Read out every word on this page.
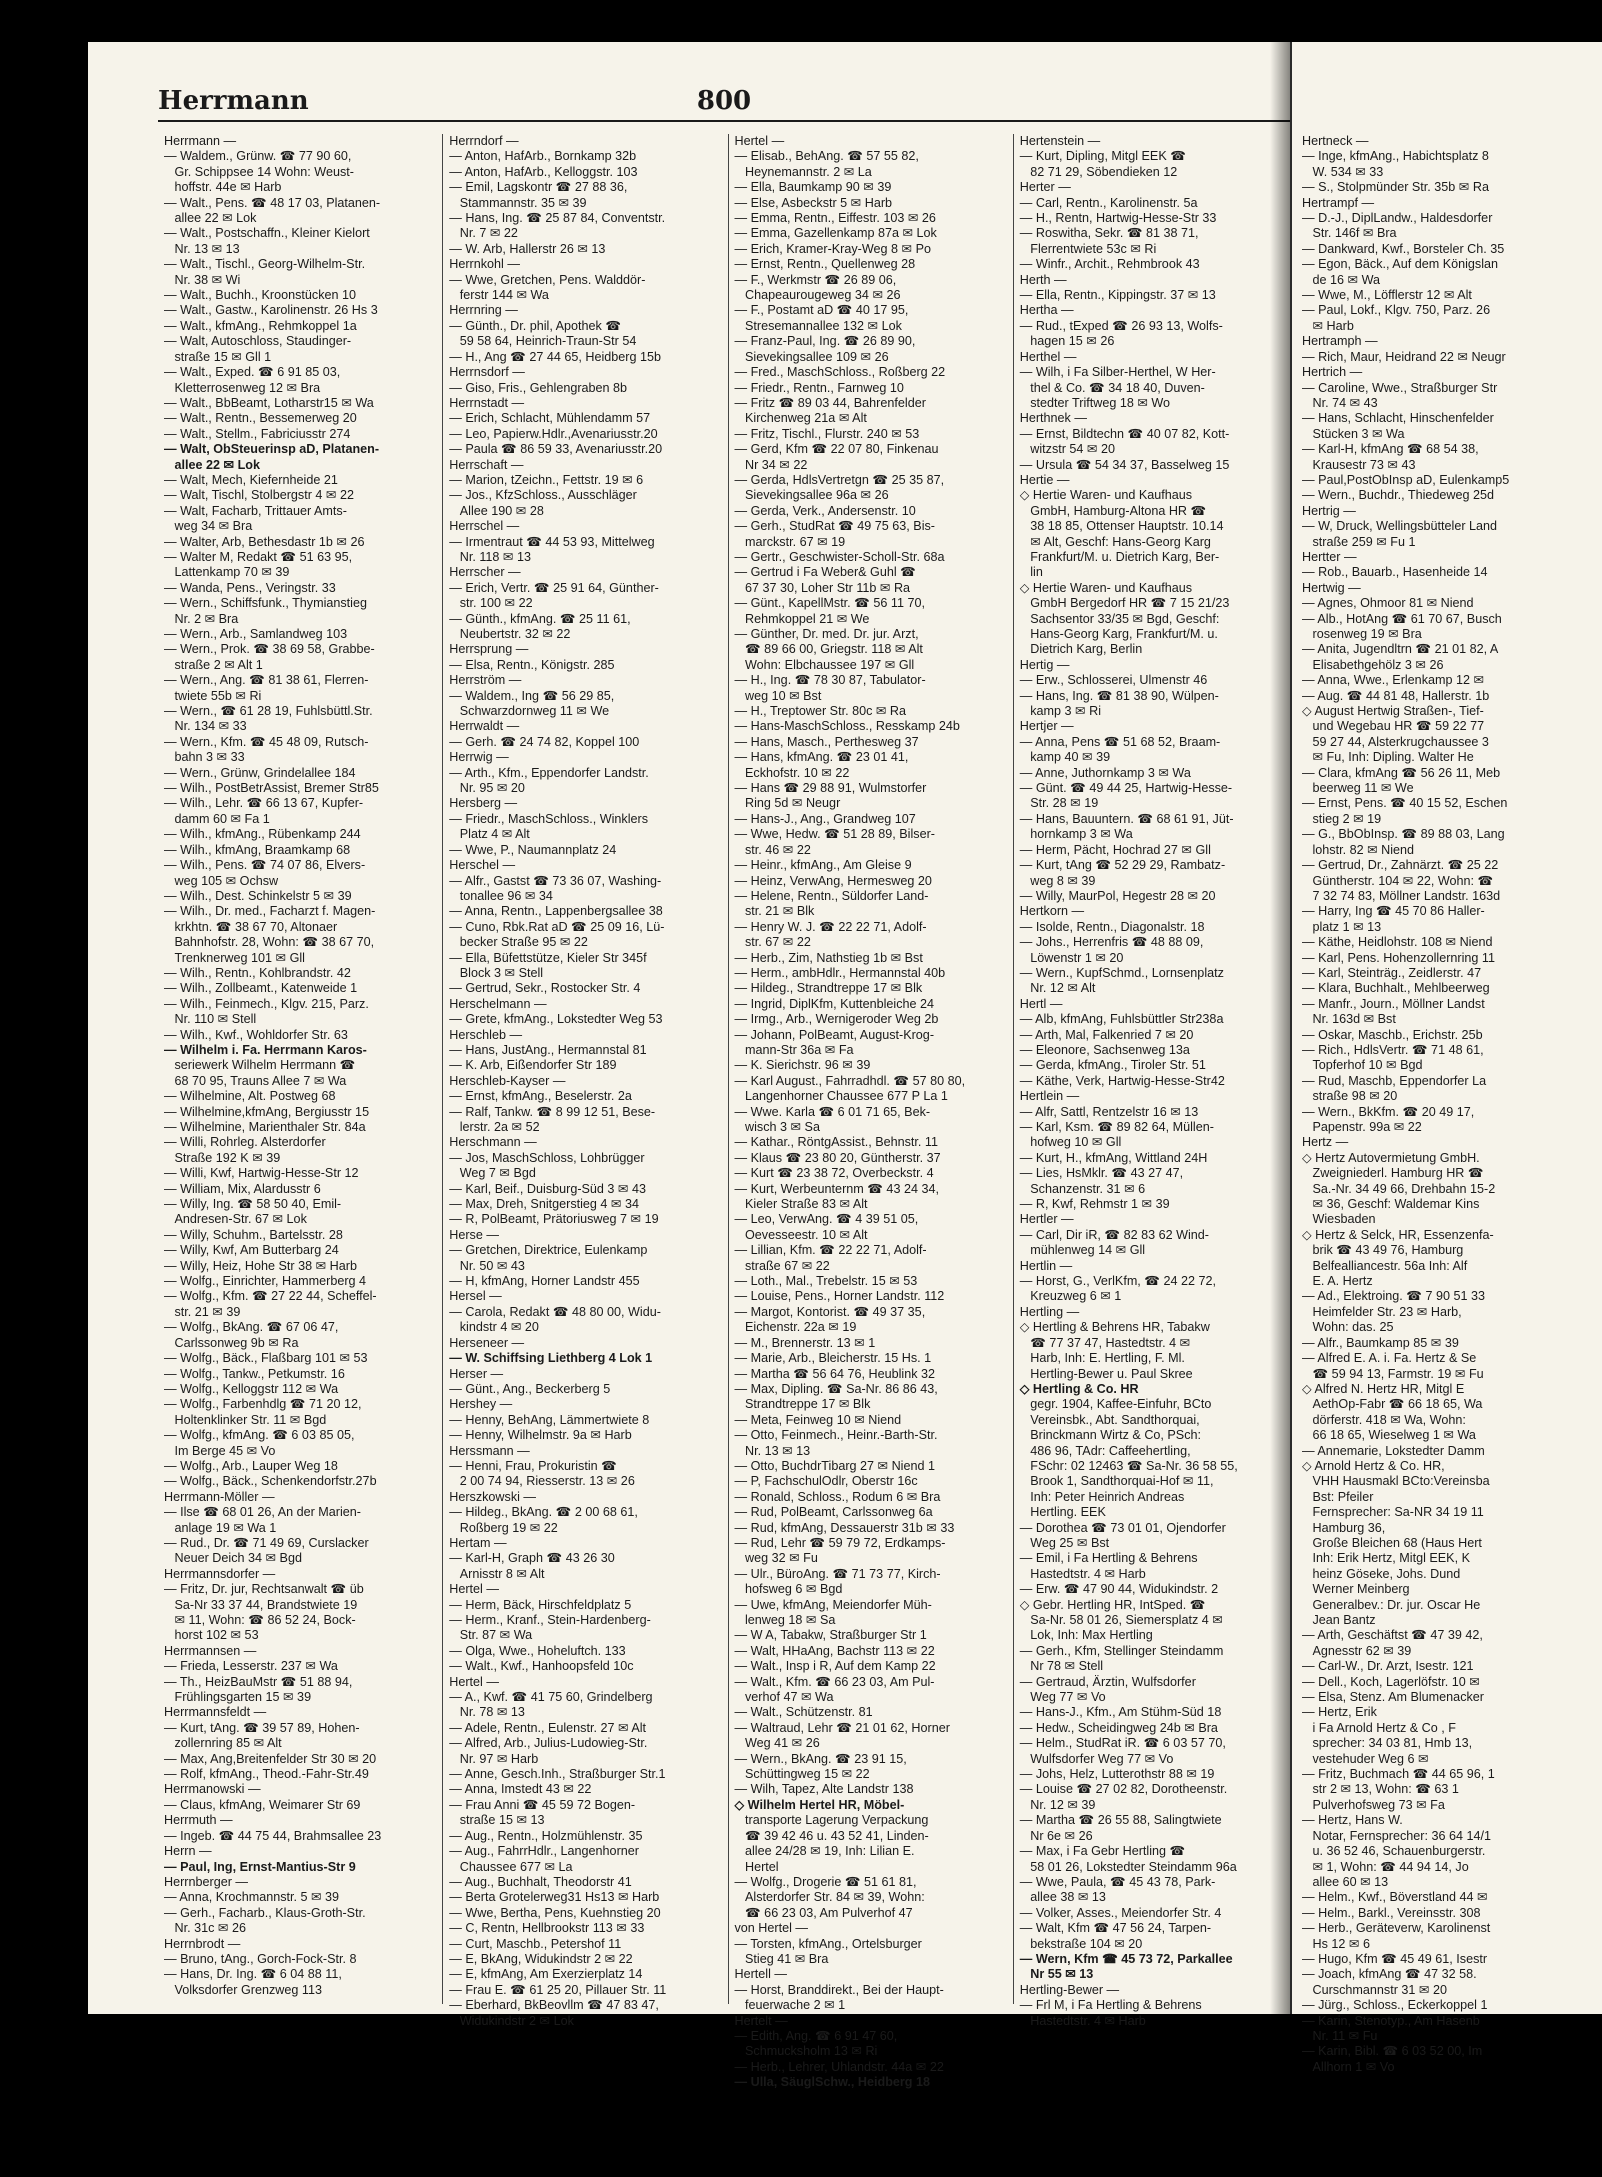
Herrmann	800

Herrmann —

— Waldem., Grünw. ☎ 77 90 60,

Gr. Schippsee 14 Wohn: Weust-

hoffstr. 44e ✉ Harb

— Walt., Pens. ☎ 48 17 03, Platanen-

allee 22 ✉ Lok

— Walt., Postschaffn., Kleiner Kielort

Nr. 13 ✉ 13

— Walt., Tischl., Georg-Wilhelm-Str.

Nr. 38 ✉ Wi

— Walt., Buchh., Kroonstücken 10

— Walt., Gastw., Karolinenstr. 26 Hs 3

— Walt., kfmAng., Rehmkoppel 1a

— Walt, Autoschloss, Staudinger-

straße 15 ✉ Gll 1

— Walt., Exped. ☎ 6 91 85 03,

Kletterrosenweg 12 ✉ Bra

— Walt., BbBeamt, Lotharstr15 ✉ Wa

— Walt., Rentn., Bessemerweg 20

— Walt., Stellm., Fabriciusstr 274

— Walt, ObSteuerinsp aD, Platanen-

allee 22 ✉ Lok

— Walt, Mech, Kiefernheide 21

— Walt, Tischl, Stolbergstr 4 ✉ 22

— Walt, Facharb, Trittauer Amts-

weg 34 ✉ Bra

— Walter, Arb, Bethesdastr 1b ✉ 26

— Walter M, Redakt ☎ 51 63 95,

Lattenkamp 70 ✉ 39

— Wanda, Pens., Veringstr. 33

— Wern., Schiffsfunk., Thymianstieg

Nr. 2 ✉ Bra

— Wern., Arb., Samlandweg 103

— Wern., Prok. ☎ 38 69 58, Grabbe-

straße 2 ✉ Alt 1

— Wern., Ang. ☎ 81 38 61, Flerren-

twiete 55b ✉ Ri

— Wern., ☎ 61 28 19, Fuhlsbüttl.Str.

Nr. 134 ✉ 33

— Wern., Kfm. ☎ 45 48 09, Rutsch-

bahn 3 ✉ 33

— Wern., Grünw, Grindelallee 184

— Wilh., PostBetrAssist, Bremer Str85

— Wilh., Lehr. ☎ 66 13 67, Kupfer-

damm 60 ✉ Fa 1

— Wilh., kfmAng., Rübenkamp 244

— Wilh., kfmAng, Braamkamp 68

— Wilh., Pens. ☎ 74 07 86, Elvers-

weg 105 ✉ Ochsw

— Wilh., Dest. Schinkelstr 5 ✉ 39

— Wilh., Dr. med., Facharzt f. Magen-

krkhtn. ☎ 38 67 70, Altonaer

Bahnhofstr. 28, Wohn: ☎ 38 67 70,

Trenknerweg 101 ✉ Gll

— Wilh., Rentn., Kohlbrandstr. 42

— Wilh., Zollbeamt., Katenweide 1

— Wilh., Feinmech., Klgv. 215, Parz.

Nr. 110 ✉ Stell

— Wilh., Kwf., Wohldorfer Str. 63

— Wilhelm i. Fa. Herrmann Karos-

seriewerk Wilhelm Herrmann ☎

68 70 95, Trauns Allee 7 ✉ Wa

— Wilhelmine, Alt. Postweg 68

— Wilhelmine,kfmAng, Bergiusstr 15

— Wilhelmine, Marienthaler Str. 84a

— Willi, Rohrleg. Alsterdorfer

Straße 192 K ✉ 39

— Willi, Kwf, Hartwig-Hesse-Str 12

— William, Mix, Alardusstr 6

— Willy, Ing. ☎ 58 50 40, Emil-

Andresen-Str. 67 ✉ Lok

— Willy, Schuhm., Bartelsstr. 28

— Willy, Kwf, Am Butterbarg 24

— Willy, Heiz, Hohe Str 38 ✉ Harb

— Wolfg., Einrichter, Hammerberg 4

— Wolfg., Kfm. ☎ 27 22 44, Scheffel-

str. 21 ✉ 39

— Wolfg., BkAng. ☎ 67 06 47,

Carlssonweg 9b ✉ Ra

— Wolfg., Bäck., Flaßbarg 101 ✉ 53

— Wolfg., Tankw., Petkumstr. 16

— Wolfg., Kelloggstr 112 ✉ Wa

— Wolfg., Farbenhdlg ☎ 71 20 12,

Holtenklinker Str. 11 ✉ Bgd

— Wolfg., kfmAng. ☎ 6 03 85 05,

Im Berge 45 ✉ Vo

— Wolfg., Arb., Lauper Weg 18

— Wolfg., Bäck., Schenkendorfstr.27b

Herrmann-Möller —

— Ilse ☎ 68 01 26, An der Marien-

anlage 19 ✉ Wa 1

— Rud., Dr. ☎ 71 49 69, Curslacker

Neuer Deich 34 ✉ Bgd

Herrmannsdorfer —

— Fritz, Dr. jur, Rechtsanwalt ☎ üb

Sa-Nr 33 37 44, Brandstwiete 19

✉ 11, Wohn: ☎ 86 52 24, Bock-

horst 102 ✉ 53

Herrmannsen —

— Frieda, Lesserstr. 237 ✉ Wa

— Th., HeizBauMstr ☎ 51 88 94,

Frühlingsgarten 15 ✉ 39

Herrmannsfeldt —

— Kurt, tAng. ☎ 39 57 89, Hohen-

zollernring 85 ✉ Alt

— Max, Ang,Breitenfelder Str 30 ✉ 20

— Rolf, kfmAng., Theod.-Fahr-Str.49

Herrmanowski —

— Claus, kfmAng, Weimarer Str 69

Herrmuth —

— Ingeb. ☎ 44 75 44, Brahmsallee 23

Herrn —

— Paul, Ing, Ernst-Mantius-Str 9

Herrnberger —

— Anna, Krochmannstr. 5 ✉ 39

— Gerh., Facharb., Klaus-Groth-Str.

Nr. 31c ✉ 26

Herrnbrodt —

— Bruno, tAng., Gorch-Fock-Str. 8

— Hans, Dr. Ing. ☎ 6 04 88 11,

Volksdorfer Grenzweg 113

Herrndorf —

— Anton, HafArb., Bornkamp 32b

— Anton, HafArb., Kelloggstr. 103

— Emil, Lagskontr ☎ 27 88 36,

Stammannstr. 35 ✉ 39

— Hans, Ing. ☎ 25 87 84, Conventstr.

Nr. 7 ✉ 22

— W. Arb, Hallerstr 26 ✉ 13

Herrnkohl —

— Wwe, Gretchen, Pens. Walddör-

ferstr 144 ✉ Wa

Herrnring —

— Günth., Dr. phil, Apothek ☎

59 58 64, Heinrich-Traun-Str 54

— H., Ang ☎ 27 44 65, Heidberg 15b

Herrnsdorf —

— Giso, Fris., Gehlengraben 8b

Herrnstadt —

— Erich, Schlacht, Mühlendamm 57

— Leo, Papierw.Hdlr.,Avenariusstr.20

— Paula ☎ 86 59 33, Avenariusstr.20

Herrschaft —

— Marion, tZeichn., Fettstr. 19 ✉ 6

— Jos., KfzSchloss., Ausschläger

Allee 190 ✉ 28

Herrschel —

— Irmentraut ☎ 44 53 93, Mittelweg

Nr. 118 ✉ 13

Herrscher —

— Erich, Vertr. ☎ 25 91 64, Günther-

str. 100 ✉ 22

— Günth., kfmAng. ☎ 25 11 61,

Neubertstr. 32 ✉ 22

Herrsprung —

— Elsa, Rentn., Königstr. 285

Herrström —

— Waldem., Ing ☎ 56 29 85,

Schwarzdornweg 11 ✉ We

Herrwaldt —

— Gerh. ☎ 24 74 82, Koppel 100

Herrwig —

— Arth., Kfm., Eppendorfer Landstr.

Nr. 95 ✉ 20

Hersberg —

— Friedr., MaschSchloss., Winklers

Platz 4 ✉ Alt

— Wwe, P., Naumannplatz 24

Herschel —

— Alfr., Gastst ☎ 73 36 07, Washing-

tonallee 96 ✉ 34

— Anna, Rentn., Lappenbergsallee 38

— Cuno, Rbk.Rat aD ☎ 25 09 16, Lü-

becker Straße 95 ✉ 22

— Ella, Büfettstütze, Kieler Str 345f

Block 3 ✉ Stell

— Gertrud, Sekr., Rostocker Str. 4

Herschelmann —

— Grete, kfmAng., Lokstedter Weg 53

Herschleb —

— Hans, JustAng., Hermannstal 81

— K. Arb, Eißendorfer Str 189

Herschleb-Kayser —

— Ernst, kfmAng., Beselerstr. 2a

— Ralf, Tankw. ☎ 8 99 12 51, Bese-

lerstr. 2a ✉ 52

Herschmann —

— Jos, MaschSchloss, Lohbrügger

Weg 7 ✉ Bgd

— Karl, Beif., Duisburg-Süd 3 ✉ 43

— Max, Dreh, Snitgerstieg 4 ✉ 34

— R, PolBeamt, Prätoriusweg 7 ✉ 19

Herse —

— Gretchen, Direktrice, Eulenkamp

Nr. 50 ✉ 43

— H, kfmAng, Horner Landstr 455

Hersel —

— Carola, Redakt ☎ 48 80 00, Widu-

kindstr 4 ✉ 20

Herseneer —

— W. Schiffsing Liethberg 4 Lok 1

Herser —

— Günt., Ang., Beckerberg 5

Hershey —

— Henny, BehAng, Lämmertwiete 8

— Henny, Wilhelmstr. 9a ✉ Harb

Herssmann —

— Henni, Frau, Prokuristin ☎

2 00 74 94, Riesserstr. 13 ✉ 26

Herszkowski —

— Hildeg., BkAng. ☎ 2 00 68 61,

Roßberg 19 ✉ 22

Hertam —

— Karl-H, Graph ☎ 43 26 30

Arnisstr 8 ✉ Alt

Hertel —

— Herm, Bäck, Hirschfeldplatz 5

— Herm., Kranf., Stein-Hardenberg-

Str. 87 ✉ Wa

— Olga, Wwe., Hoheluftch. 133

— Walt., Kwf., Hanhoopsfeld 10c

Hertel —

— A., Kwf. ☎ 41 75 60, Grindelberg

Nr. 78 ✉ 13

— Adele, Rentn., Eulenstr. 27 ✉ Alt

— Alfred, Arb., Julius-Ludowieg-Str.

Nr. 97 ✉ Harb

— Anne, Gesch.Inh., Straßburger Str.1

— Anna, Imstedt 43 ✉ 22

— Frau Anni ☎ 45 59 72 Bogen-

straße 15 ✉ 13

— Aug., Rentn., Holzmühlenstr. 35

— Aug., FahrrHdlr., Langenhorner

Chaussee 677 ✉ La

— Aug., Buchhalt, Theodorstr 41

— Berta Grotelerweg31 Hs13 ✉ Harb

— Wwe, Bertha, Pens, Kuehnstieg 20

— C, Rentn, Hellbrookstr 113 ✉ 33

— Curt, Maschb., Petershof 11

— E, BkAng, Widukindstr 2 ✉ 22

— E, kfmAng, Am Exerzierplatz 14

— Frau E. ☎ 61 25 20, Pillauer Str. 11

— Eberhard, BkBeovllm ☎ 47 83 47,

Widukindstr 2 ✉ Lok

Hertel —

— Elisab., BehAng. ☎ 57 55 82,

Heynemannstr. 2 ✉ La

— Ella, Baumkamp 90 ✉ 39

— Else, Asbeckstr 5 ✉ Harb

— Emma, Rentn., Eiffestr. 103 ✉ 26

— Emma, Gazellenkamp 87a ✉ Lok

— Erich, Kramer-Kray-Weg 8 ✉ Po

— Ernst, Rentn., Quellenweg 28

— F., Werkmstr ☎ 26 89 06,

Chapeaurougeweg 34 ✉ 26

— F., Postamt aD ☎ 40 17 95,

Stresemannallee 132 ✉ Lok

— Franz-Paul, Ing. ☎ 26 89 90,

Sievekingsallee 109 ✉ 26

— Fred., MaschSchloss., Roßberg 22

— Friedr., Rentn., Farnweg 10

— Fritz ☎ 89 03 44, Bahrenfelder

Kirchenweg 21a ✉ Alt

— Fritz, Tischl., Flurstr. 240 ✉ 53

— Gerd, Kfm ☎ 22 07 80, Finkenau

Nr 34 ✉ 22

— Gerda, HdlsVertretgn ☎ 25 35 87,

Sievekingsallee 96a ✉ 26

— Gerda, Verk., Andersenstr. 10

— Gerh., StudRat ☎ 49 75 63, Bis-

marckstr. 67 ✉ 19

— Gertr., Geschwister-Scholl-Str. 68a

— Gertrud i Fa Weber& Guhl ☎

67 37 30, Loher Str 11b ✉ Ra

— Günt., KapellMstr. ☎ 56 11 70,

Rehmkoppel 21 ✉ We

— Günther, Dr. med. Dr. jur. Arzt,

☎ 89 66 00, Griegstr. 118 ✉ Alt

Wohn: Elbchaussee 197 ✉ Gll

— H., Ing. ☎ 78 30 87, Tabulator-

weg 10 ✉ Bst

— H., Treptower Str. 80c ✉ Ra

— Hans-MaschSchloss., Resskamp 24b

— Hans, Masch., Perthesweg 37

— Hans, kfmAng. ☎ 23 01 41,

Eckhofstr. 10 ✉ 22

— Hans ☎ 29 88 91, Wulmstorfer

Ring 5d ✉ Neugr

— Hans-J., Ang., Grandweg 107

— Wwe, Hedw. ☎ 51 28 89, Bilser-

str. 46 ✉ 22

— Heinr., kfmAng., Am Gleise 9

— Heinz, VerwAng, Hermesweg 20

— Helene, Rentn., Süldorfer Land-

str. 21 ✉ Blk

— Henry W. J. ☎ 22 22 71, Adolf-

str. 67 ✉ 22

— Herb., Zim, Nathstieg 1b ✉ Bst

— Herm., ambHdlr., Hermannstal 40b

— Hildeg., Strandtreppe 17 ✉ Blk

— Ingrid, DiplKfm, Kuttenbleiche 24

— Irmg., Arb., Wernigeroder Weg 2b

— Johann, PolBeamt, August-Krog-

mann-Str 36a ✉ Fa

— K. Sierichstr. 96 ✉ 39

— Karl August., Fahrradhdl. ☎ 57 80 80,

Langenhorner Chaussee 677 P La 1

— Wwe. Karla ☎ 6 01 71 65, Bek-

wisch 3 ✉ Sa

— Kathar., RöntgAssist., Behnstr. 11

— Klaus ☎ 23 80 20, Güntherstr. 37

— Kurt ☎ 23 38 72, Overbeckstr. 4

— Kurt, Werbeunternm ☎ 43 24 34,

Kieler Straße 83 ✉ Alt

— Leo, VerwAng. ☎ 4 39 51 05,

Oevesseestr. 10 ✉ Alt

— Lillian, Kfm. ☎ 22 22 71, Adolf-

straße 67 ✉ 22

— Loth., Mal., Trebelstr. 15 ✉ 53

— Louise, Pens., Horner Landstr. 112

— Margot, Kontorist. ☎ 49 37 35,

Eichenstr. 22a ✉ 19

— M., Brennerstr. 13 ✉ 1

— Marie, Arb., Bleicherstr. 15 Hs. 1

— Martha ☎ 56 64 76, Heublink 32

— Max, Dipling. ☎ Sa-Nr. 86 86 43,

Strandtreppe 17 ✉ Blk

— Meta, Feinweg 10 ✉ Niend

— Otto, Feinmech., Heinr.-Barth-Str.

Nr. 13 ✉ 13

— Otto, BuchdrTibarg 27 ✉ Niend 1

— P, FachschulOdlr, Oberstr 16c

— Ronald, Schloss., Rodum 6 ✉ Bra

— Rud, PolBeamt, Carlssonweg 6a

— Rud, kfmAng, Dessauerstr 31b ✉ 33

— Rud, Lehr ☎ 59 79 72, Erdkamps-

weg 32 ✉ Fu

— Ulr., BüroAng. ☎ 71 73 77, Kirch-

hofsweg 6 ✉ Bgd

— Uwe, kfmAng, Meiendorfer Müh-

lenweg 18 ✉ Sa

— W A, Tabakw, Straßburger Str 1

— Walt, HHaAng, Bachstr 113 ✉ 22

— Walt., Insp i R, Auf dem Kamp 22

— Walt., Kfm. ☎ 66 23 03, Am Pul-

verhof 47 ✉ Wa

— Walt., Schützenstr. 81

— Waltraud, Lehr ☎ 21 01 62, Horner

Weg 41 ✉ 26

— Wern., BkAng. ☎ 23 91 15,

Schüttingweg 15 ✉ 22

— Wilh, Tapez, Alte Landstr 138

◇ Wilhelm Hertel HR, Möbel-

transporte Lagerung Verpackung

☎ 39 42 46 u. 43 52 41, Linden-

allee 24/28 ✉ 19, Inh: Lilian E.

Hertel

— Wolfg., Drogerie ☎ 51 61 81,

Alsterdorfer Str. 84 ✉ 39, Wohn:

☎ 66 23 03, Am Pulverhof 47

von Hertel —

— Torsten, kfmAng., Ortelsburger

Stieg 41 ✉ Bra

Hertell —

— Horst, Branddirekt., Bei der Haupt-

feuerwache 2 ✉ 1

Hertelt —

— Edith, Ang. ☎ 6 91 47 60,

Schmucksholm 13 ✉ Ri

— Herb., Lehrer, Uhlandstr. 44a ✉ 22

— Ulla, SäuglSchw., Heidberg 18

Hertenstein —

— Kurt, Dipling, Mitgl EEK ☎

82 71 29, Söbendieken 12

Herter —

— Carl, Rentn., Karolinenstr. 5a

— H., Rentn, Hartwig-Hesse-Str 33

— Roswitha, Sekr. ☎ 81 38 71,

Flerrentwiete 53c ✉ Ri

— Winfr., Archit., Rehmbrook 43

Herth —

— Ella, Rentn., Kippingstr. 37 ✉ 13

Hertha —

— Rud., tExped ☎ 26 93 13, Wolfs-

hagen 15 ✉ 26

Herthel —

— Wilh, i Fa Silber-Herthel, W Her-

thel & Co. ☎ 34 18 40, Duven-

stedter Triftweg 18 ✉ Wo

Herthnek —

— Ernst, Bildtechn ☎ 40 07 82, Kott-

witzstr 54 ✉ 20

— Ursula ☎ 54 34 37, Basselweg 15

Hertie —

◇ Hertie Waren- und Kaufhaus

GmbH, Hamburg-Altona HR ☎

38 18 85, Ottenser Hauptstr. 10.14

✉ Alt, Geschf: Hans-Georg Karg

Frankfurt/M. u. Dietrich Karg, Ber-

lin

◇ Hertie Waren- und Kaufhaus

GmbH Bergedorf HR ☎ 7 15 21/23

Sachsentor 33/35 ✉ Bgd, Geschf:

Hans-Georg Karg, Frankfurt/M. u.

Dietrich Karg, Berlin

Hertig —

— Erw., Schlosserei, Ulmenstr 46

— Hans, Ing. ☎ 81 38 90, Wülpen-

kamp 3 ✉ Ri

Hertjer —

— Anna, Pens ☎ 51 68 52, Braam-

kamp 40 ✉ 39

— Anne, Juthornkamp 3 ✉ Wa

— Günt. ☎ 49 44 25, Hartwig-Hesse-

Str. 28 ✉ 19

— Hans, Bauuntern. ☎ 68 61 91, Jüt-

hornkamp 3 ✉ Wa

— Herm, Pächt, Hochrad 27 ✉ Gll

— Kurt, tAng ☎ 52 29 29, Rambatz-

weg 8 ✉ 39

— Willy, MaurPol, Hegestr 28 ✉ 20

Hertkorn —

— Isolde, Rentn., Diagonalstr. 18

— Johs., Herrenfris ☎ 48 88 09,

Löwenstr 1 ✉ 20

— Wern., KupfSchmd., Lornsenplatz

Nr. 12 ✉ Alt

Hertl —

— Alb, kfmAng, Fuhlsbüttler Str238a

— Arth, Mal, Falkenried 7 ✉ 20

— Eleonore, Sachsenweg 13a

— Gerda, kfmAng., Tiroler Str. 51

— Käthe, Verk, Hartwig-Hesse-Str42

Hertlein —

— Alfr, Sattl, Rentzelstr 16 ✉ 13

— Karl, Ksm. ☎ 89 82 64, Müllen-

hofweg 10 ✉ Gll

— Kurt, H., kfmAng, Wittland 24H

— Lies, HsMklr. ☎ 43 27 47,

Schanzenstr. 31 ✉ 6

— R, Kwf, Rehmstr 1 ✉ 39

Hertler —

— Carl, Dir iR, ☎ 82 83 62 Wind-

mühlenweg 14 ✉ Gll

Hertlin —

— Horst, G., VerlKfm, ☎ 24 22 72,

Kreuzweg 6 ✉ 1

Hertling —

◇ Hertling & Behrens HR, Tabakw

☎ 77 37 47, Hastedtstr. 4 ✉

Harb, Inh: E. Hertling, F. Ml.

Hertling-Bewer u. Paul Skree

◇ Hertling & Co. HR

gegr. 1904, Kaffee-Einfuhr, BCto

Vereinsbk., Abt. Sandthorquai,

Brinckmann Wirtz & Co, PSch:

486 96, TAdr: Caffeehertling,

FSchr: 02 12463 ☎ Sa-Nr. 36 58 55,

Brook 1, Sandthorquai-Hof ✉ 11,

Inh: Peter Heinrich Andreas

Hertling. EEK

— Dorothea ☎ 73 01 01, Ojendorfer

Weg 25 ✉ Bst

— Emil, i Fa Hertling & Behrens

Hastedtstr. 4 ✉ Harb

— Erw. ☎ 47 90 44, Widukindstr. 2

◇ Gebr. Hertling HR, IntSped. ☎

Sa-Nr. 58 01 26, Siemersplatz 4 ✉

Lok, Inh: Max Hertling

— Gerh., Kfm, Stellinger Steindamm

Nr 78 ✉ Stell

— Gertraud, Ärztin, Wulfsdorfer

Weg 77 ✉ Vo

— Hans-J., Kfm., Am Stühm-Süd 18

— Hedw., Scheidingweg 24b ✉ Bra

— Helm., StudRat iR. ☎ 6 03 57 70,

Wulfsdorfer Weg 77 ✉ Vo

— Johs, Helz, Lutterothstr 88 ✉ 19

— Louise ☎ 27 02 82, Dorotheenstr.

Nr. 12 ✉ 39

— Martha ☎ 26 55 88, Salingtwiete

Nr 6e ✉ 26

— Max, i Fa Gebr Hertling ☎

58 01 26, Lokstedter Steindamm 96a

— Wwe, Paula, ☎ 45 43 78, Park-

allee 38 ✉ 13

— Volker, Asses., Meiendorfer Str. 4

— Walt, Kfm ☎ 47 56 24, Tarpen-

bekstraße 104 ✉ 20

— Wern, Kfm ☎ 45 73 72, Parkallee

Nr 55 ✉ 13

Hertling-Bewer —

— Frl M, i Fa Hertling & Behrens

Hastedtstr. 4 ✉ Harb

Hertneck —

— Inge, kfmAng., Habichtsplatz 8

W. 534 ✉ 33

— S., Stolpmünder Str. 35b ✉ Ra

Hertrampf —

— D.-J., DiplLandw., Haldesdorfer

Str. 146f ✉ Bra

— Dankward, Kwf., Borsteler Ch. 35

— Egon, Bäck., Auf dem Königslan

de 16 ✉ Wa

— Wwe, M., Löfflerstr 12 ✉ Alt

— Paul, Lokf., Klgv. 750, Parz. 26

✉ Harb

Hertramph —

— Rich, Maur, Heidrand 22 ✉ Neugr

Hertrich —

— Caroline, Wwe., Straßburger Str

Nr. 74 ✉ 43

— Hans, Schlacht, Hinschenfelder

Stücken 3 ✉ Wa

— Karl-H, kfmAng ☎ 68 54 38,

Krausestr 73 ✉ 43

— Paul,PostObInsp aD, Eulenkamp5

— Wern., Buchdr., Thiedeweg 25d

Hertrig —

— W, Druck, Wellingsbütteler Land

straße 259 ✉ Fu 1

Hertter —

— Rob., Bauarb., Hasenheide 14

Hertwig —

— Agnes, Ohmoor 81 ✉ Niend

— Alb., HotAng ☎ 61 70 67, Busch

rosenweg 19 ✉ Bra

— Anita, Jugendltrn ☎ 21 01 82, A

Elisabethgehölz 3 ✉ 26

— Anna, Wwe., Erlenkamp 12 ✉

— Aug. ☎ 44 81 48, Hallerstr. 1b

◇ August Hertwig Straßen-, Tief-

und Wegebau HR ☎ 59 22 77

59 27 44, Alsterkrugchaussee 3

✉ Fu, Inh: Dipling. Walter He

— Clara, kfmAng ☎ 56 26 11, Meb

beerweg 11 ✉ We

— Ernst, Pens. ☎ 40 15 52, Eschen

stieg 2 ✉ 19

— G., BbObInsp. ☎ 89 88 03, Lang

lohstr. 82 ✉ Niend

— Gertrud, Dr., Zahnärzt. ☎ 25 22

Güntherstr. 104 ✉ 22, Wohn: ☎

7 32 74 83, Möllner Landstr. 163d

— Harry, Ing ☎ 45 70 86 Haller-

platz 1 ✉ 13

— Käthe, Heidlohstr. 108 ✉ Niend

— Karl, Pens. Hohenzollernring 11

— Karl, Steinträg., Zeidlerstr. 47

— Klara, Buchhalt., Mehlbeerweg

— Manfr., Journ., Möllner Landst

Nr. 163d ✉ Bst

— Oskar, Maschb., Erichstr. 25b

— Rich., HdlsVertr. ☎ 71 48 61,

Topferhof 10 ✉ Bgd

— Rud, Maschb, Eppendorfer La

straße 98 ✉ 20

— Wern., BkKfm. ☎ 20 49 17,

Papenstr. 99a ✉ 22

Hertz —

◇ Hertz Autovermietung GmbH.

Zweigniederl. Hamburg HR ☎

Sa.-Nr. 34 49 66, Drehbahn 15-2

✉ 36, Geschf: Waldemar Kins

Wiesbaden

◇ Hertz & Selck, HR, Essenzenfa-

brik ☎ 43 49 76, Hamburg

Belfealliancestr. 56a Inh: Alf

E. A. Hertz

— Ad., Elektroing. ☎ 7 90 51 33

Heimfelder Str. 23 ✉ Harb,

Wohn: das. 25

— Alfr., Baumkamp 85 ✉ 39

— Alfred E. A. i. Fa. Hertz & Se

☎ 59 94 13, Farmstr. 19 ✉ Fu

◇ Alfred N. Hertz HR, Mitgl E

AethOp-Fabr ☎ 66 18 65, Wa

dörferstr. 418 ✉ Wa, Wohn:

66 18 65, Wieselweg 1 ✉ Wa

— Annemarie, Lokstedter Damm

◇ Arnold Hertz & Co. HR,

VHH Hausmakl BCto:Vereinsba

Bst: Pfeiler

Fernsprecher: Sa-NR 34 19 11

Hamburg 36,

Große Bleichen 68 (Haus Hert

Inh: Erik Hertz, Mitgl EEK, K

heinz Göseke, Johs. Dund

Werner Meinberg

Generalbev.: Dr. jur. Oscar He

Jean Bantz

— Arth, Geschäftst ☎ 47 39 42,

Agnesstr 62 ✉ 39

— Carl-W., Dr. Arzt, Isestr. 121

— Dell., Koch, Lagerlöfstr. 10 ✉

— Elsa, Stenz. Am Blumenacker

— Hertz, Erik

i Fa Arnold Hertz & Co , F

sprecher: 34 03 81, Hmb 13,

vestehuder Weg 6 ✉

— Fritz, Buchmach ☎ 44 65 96, 1

str 2 ✉ 13, Wohn: ☎ 63 1

Pulverhofsweg 73 ✉ Fa

— Hertz, Hans W.

Notar, Fernsprecher: 36 64 14/1

u. 36 52 46, Schauenburgerstr.

✉ 1, Wohn: ☎ 44 94 14, Jo

allee 60 ✉ 13

— Helm., Kwf., Böverstland 44 ✉

— Helm., Barkl., Vereinsstr. 308

— Herb., Geräteverw, Karolinenst

Hs 12 ✉ 6

— Hugo, Kfm ☎ 45 49 61, Isestr

— Joach, kfmAng ☎ 47 32 58.

Curschmannstr 31 ✉ 20

— Jürg., Schloss., Eckerkoppel 1

— Karin, Stenotyp., Am Hasenb

Nr. 11 ✉ Fu

— Karin, Bibl. ☎ 6 03 52 00, Im

Allhorn 1 ✉ Vo
